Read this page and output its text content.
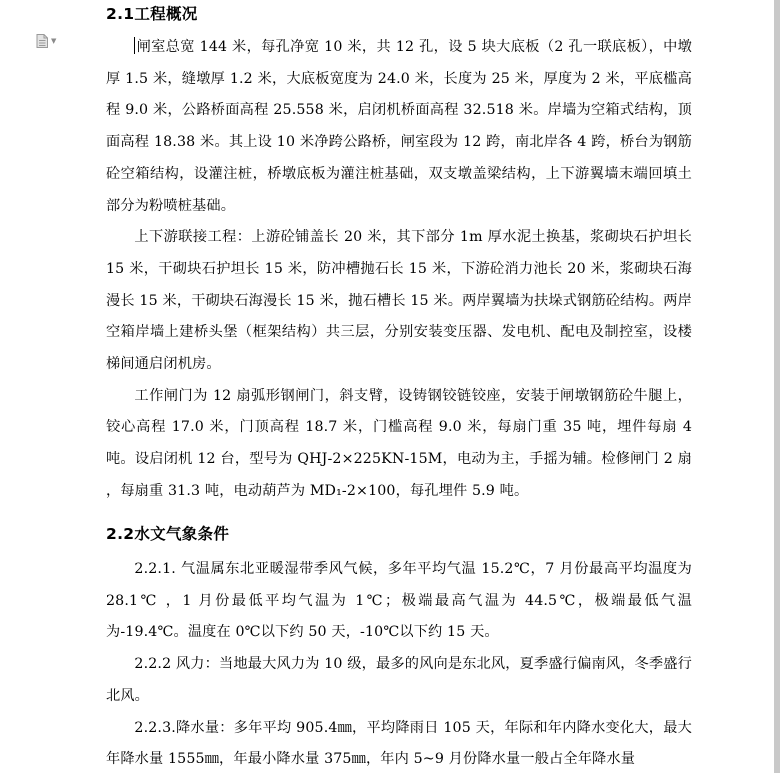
▼
2.1工程概况

闸室总宽 144 米，每孔净宽 10 米，共 12 孔，设 5 块大底板（2 孔一联底板），中墩厚 1.5 米，缝墩厚 1.2 米，大底板宽度为 24.0 米，长度为 25 米，厚度为 2 米，平底槛高程 9.0 米，公路桥面高程 25.558 米，启闭机桥面高程 32.518 米。岸墙为空箱式结构，顶面高程 18.38 米。其上设 10 米净跨公路桥，闸室段为 12 跨，南北岸各 4 跨，桥台为钢筋砼空箱结构，设灌注桩，桥墩底板为灌注桩基础，双支墩盖梁结构，上下游翼墙末端回填土部分为粉喷桩基础。

上下游联接工程：上游砼铺盖长 20 米，其下部分 1m 厚水泥土换基，浆砌块石护坦长 15 米，干砌块石护坦长 15 米，防冲槽抛石长 15 米，下游砼消力池长 20 米，浆砌块石海漫长 15 米，干砌块石海漫长 15 米，抛石槽长 15 米。两岸翼墙为扶垛式钢筋砼结构。两岸空箱岸墙上建桥头堡（框架结构）共三层，分别安装变压器、发电机、配电及制控室，设楼梯间通启闭机房。

工作闸门为 12 扇弧形钢闸门，斜支臂，设铸钢铰链铰座，安装于闸墩钢筋砼牛腿上，铰心高程 17.0 米，门顶高程 18.7 米，门槛高程 9.0 米，每扇门重 35 吨，埋件每扇 4 吨。设启闭机 12 台，型号为 QHJ-2×225KN-15M，电动为主，手摇为辅。检修闸门 2 扇 ，每扇重 31.3 吨，电动葫芦为 MD₁-2×100，每孔埋件 5.9 吨。

2.2水文气象条件

2.2.1. 气温属东北亚暖湿带季风气候，多年平均气温 15.2℃，7 月份最高平均温度为 28.1℃ ，1 月份最低平均气温为 1℃；极端最高气温为 44.5℃，极端最低气温为-19.4℃。温度在 0℃以下约 50 天，-10℃以下约 15 天。

2.2.2 风力：当地最大风力为 10 级，最多的风向是东北风，夏季盛行偏南风，冬季盛行北风。

2.2.3.降水量：多年平均 905.4㎜，平均降雨日 105 天，年际和年内降水变化大，最大年降水量 1555㎜，年最小降水量 375㎜，年内 5~9 月份降水量一般占全年降水量
